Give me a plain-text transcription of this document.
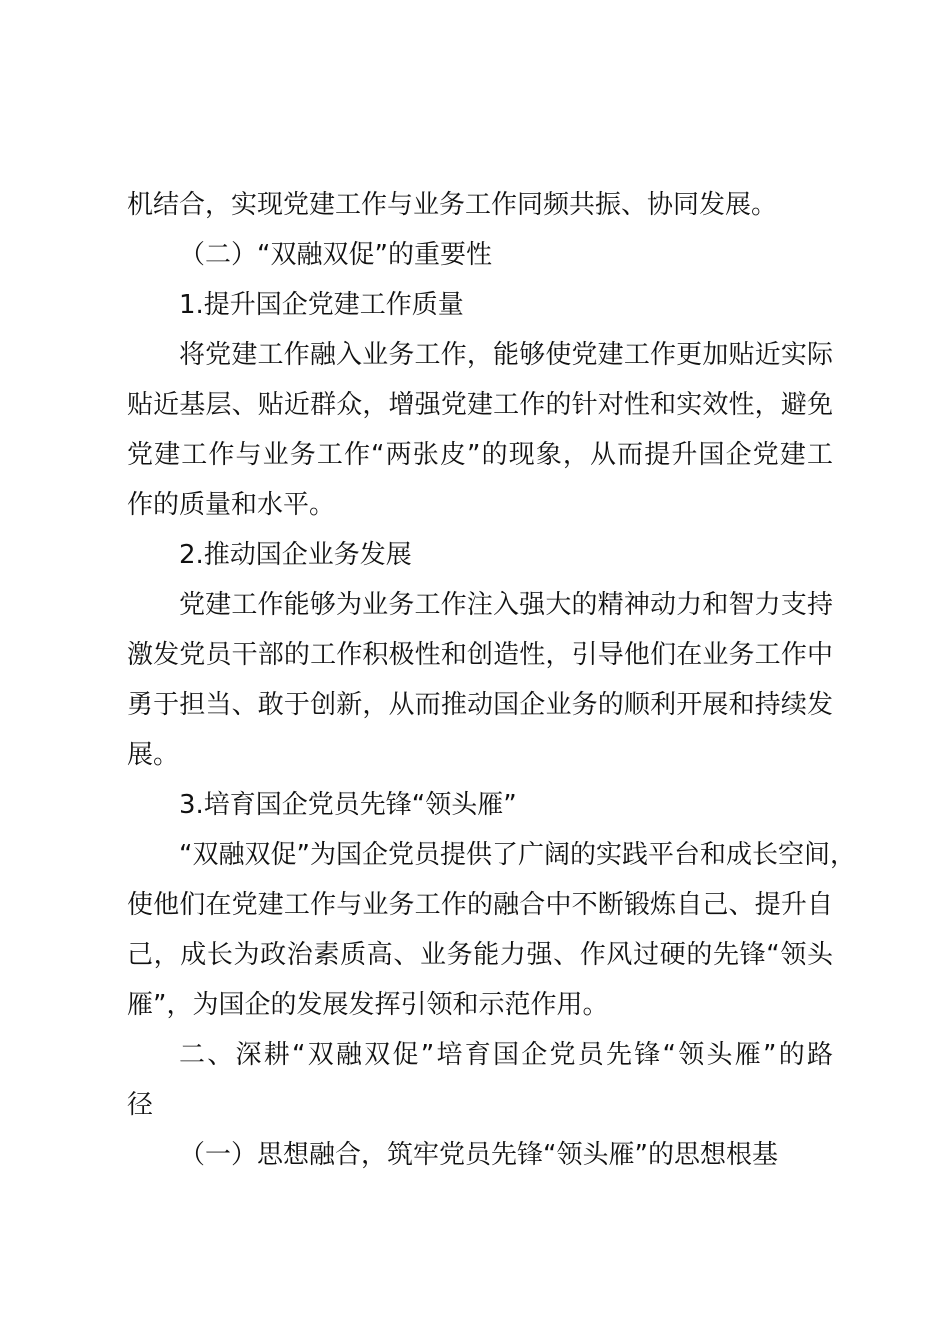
机结合，实现党建工作与业务工作同频共振、协同发展。

（二）“双融双促”的重要性

1.提升国企党建工作质量

将党建工作融入业务工作，能够使党建工作更加贴近实际

贴近基层、贴近群众，增强党建工作的针对性和实效性，避免

党建工作与业务工作“两张皮”的现象，从而提升国企党建工

作的质量和水平。

2.推动国企业务发展

党建工作能够为业务工作注入强大的精神动力和智力支持

激发党员干部的工作积极性和创造性，引导他们在业务工作中

勇于担当、敢于创新，从而推动国企业务的顺利开展和持续发

展。

3.培育国企党员先锋“领头雁”

“双融双促”为国企党员提供了广阔的实践平台和成长空间，

使他们在党建工作与业务工作的融合中不断锻炼自己、提升自

己，成长为政治素质高、业务能力强、作风过硬的先锋“领头

雁”，为国企的发展发挥引领和示范作用。

二、深耕“双融双促”培育国企党员先锋“领头雁”的路

径

（一）思想融合，筑牢党员先锋“领头雁”的思想根基
